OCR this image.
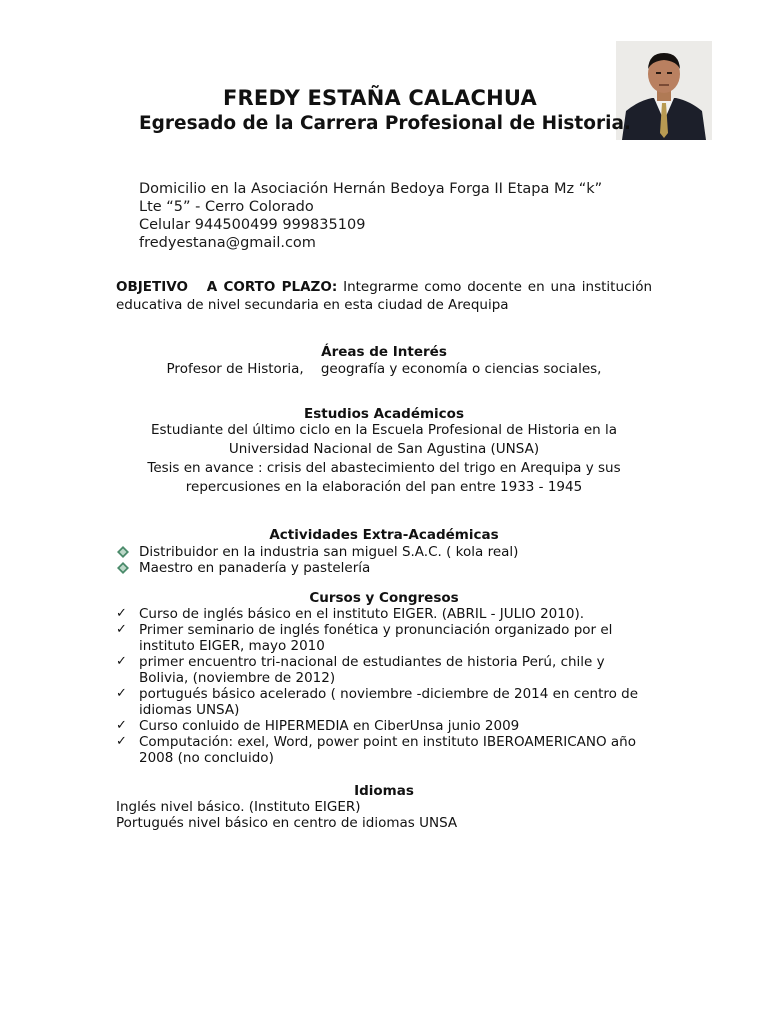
FREDY ESTAÑA CALACHUA
Egresado de la Carrera Profesional de Historia.
Domicilio en la Asociación Hernán Bedoya Forga II Etapa Mz “k”
Lte “5” - Cerro Colorado
Celular 944500499 999835109
fredyestana@gmail.com
OBJETIVO   A CORTO PLAZO: Integrarme como docente en una institución educativa de nivel secundaria en esta ciudad de Arequipa
Áreas de Interés
Profesor de Historia,    geografía y economía o ciencias sociales,
Estudios Académicos
Estudiante del último ciclo en la Escuela Profesional de Historia en la Universidad Nacional de San Agustina (UNSA)
Tesis en avance : crisis del abastecimiento del trigo en Arequipa y sus repercusiones en la elaboración del pan entre 1933 - 1945
Actividades Extra-Académicas
Distribuidor en la industria san miguel S.A.C. ( kola real)
Maestro en panadería y pastelería
Cursos y Congresos
✓ Curso de inglés básico en el instituto EIGER. (ABRIL - JULIO 2010).
✓ Primer seminario de inglés fonética y pronunciación organizado por el instituto EIGER, mayo 2010
✓ primer encuentro tri-nacional de estudiantes de historia Perú, chile y Bolivia, (noviembre de 2012)
✓ portugués básico acelerado ( noviembre -diciembre de 2014 en centro de idiomas UNSA)
✓ Curso conluido de HIPERMEDIA en CiberUnsa junio 2009
✓ Computación: exel, Word, power point en instituto IBEROAMERICANO año 2008 (no concluido)
Idiomas
Inglés nivel básico. (Instituto EIGER)
Portugués nivel básico en centro de idiomas UNSA
